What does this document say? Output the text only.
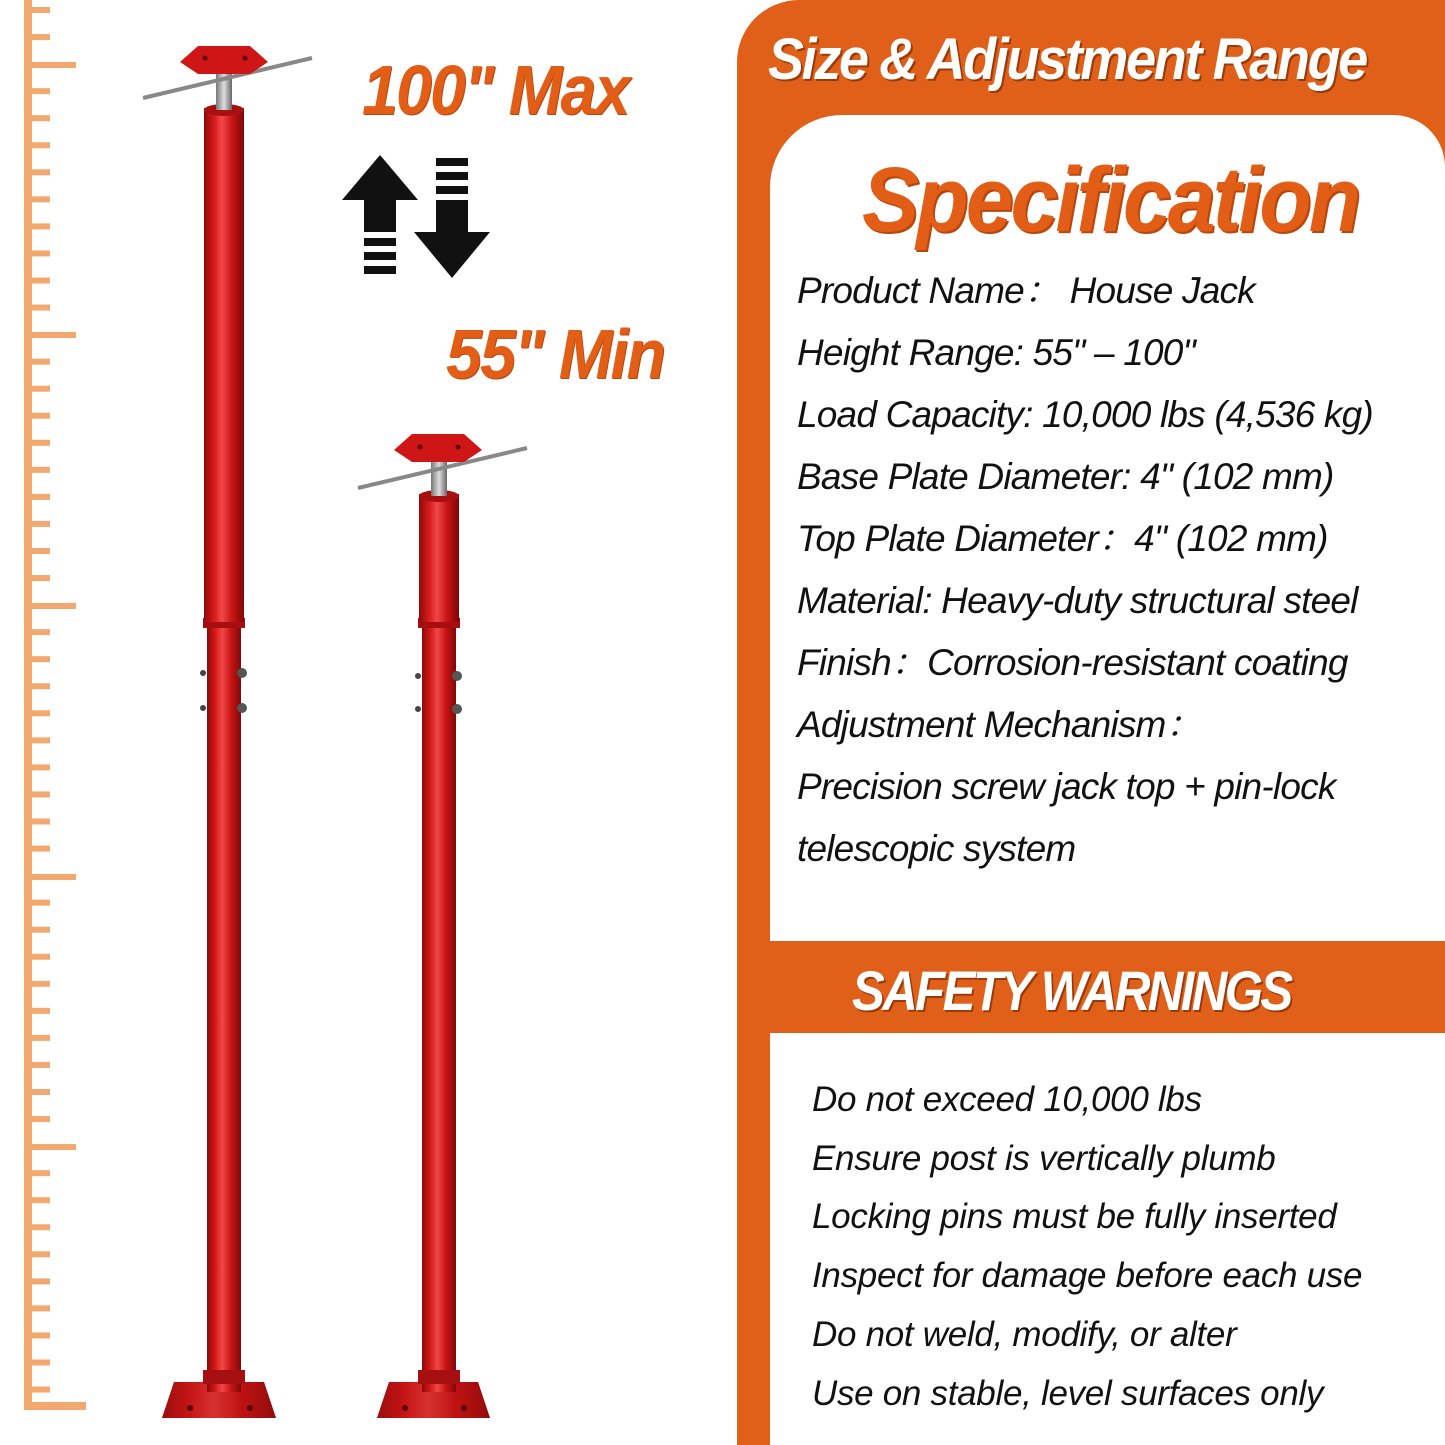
100" Max
55" Min
Size & Adjustment Range
Specification
Product Name： House Jack
Height Range: 55" – 100"
Load Capacity: 10,000 lbs (4,536 kg)
Base Plate Diameter: 4" (102 mm)
Top Plate Diameter：4" (102 mm)
Material: Heavy-duty structural steel
Finish：Corrosion-resistant coating
Adjustment Mechanism：
Precision screw jack top + pin-lock
telescopic system
SAFETY WARNINGS
Do not exceed 10,000 lbs
Ensure post is vertically plumb
Locking pins must be fully inserted
Inspect for damage before each use
Do not weld, modify, or alter
Use on stable, level surfaces only
